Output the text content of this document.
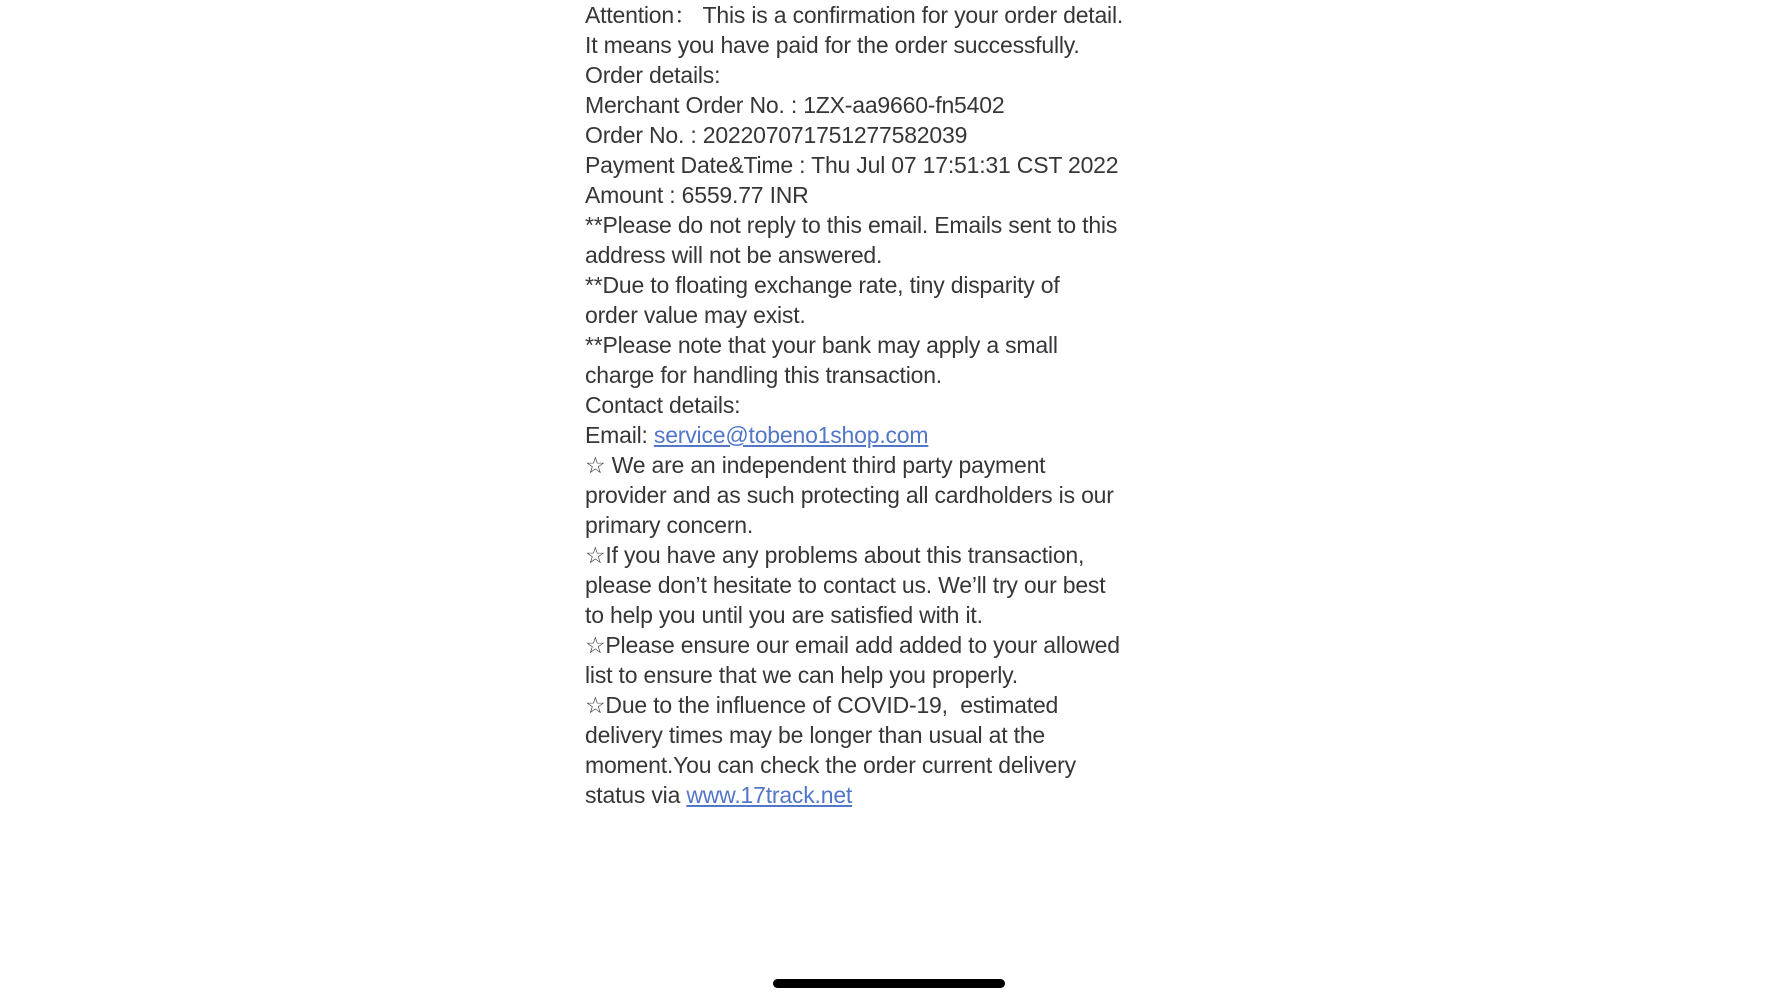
Attention： This is a confirmation for your order detail.
It means you have paid for the order successfully.
Order details:
Merchant Order No. : 1ZX-aa9660-fn5402
Order No. : 202207071751277582039
Payment Date&Time : Thu Jul 07 17:51:31 CST 2022
Amount : 6559.77 INR
**Please do not reply to this email. Emails sent to this
address will not be answered.
**Due to floating exchange rate, tiny disparity of
order value may exist.
**Please note that your bank may apply a small
charge for handling this transaction.
Contact details:
Email: service@tobeno1shop.com
☆ We are an independent third party payment
provider and as such protecting all cardholders is our
primary concern.
☆If you have any problems about this transaction,
please don’t hesitate to contact us. We’ll try our best
to help you until you are satisfied with it.
☆Please ensure our email add added to your allowed
list to ensure that we can help you properly.
☆Due to the influence of COVID-19,  estimated
delivery times may be longer than usual at the
moment.You can check the order current delivery
status via www.17track.net
